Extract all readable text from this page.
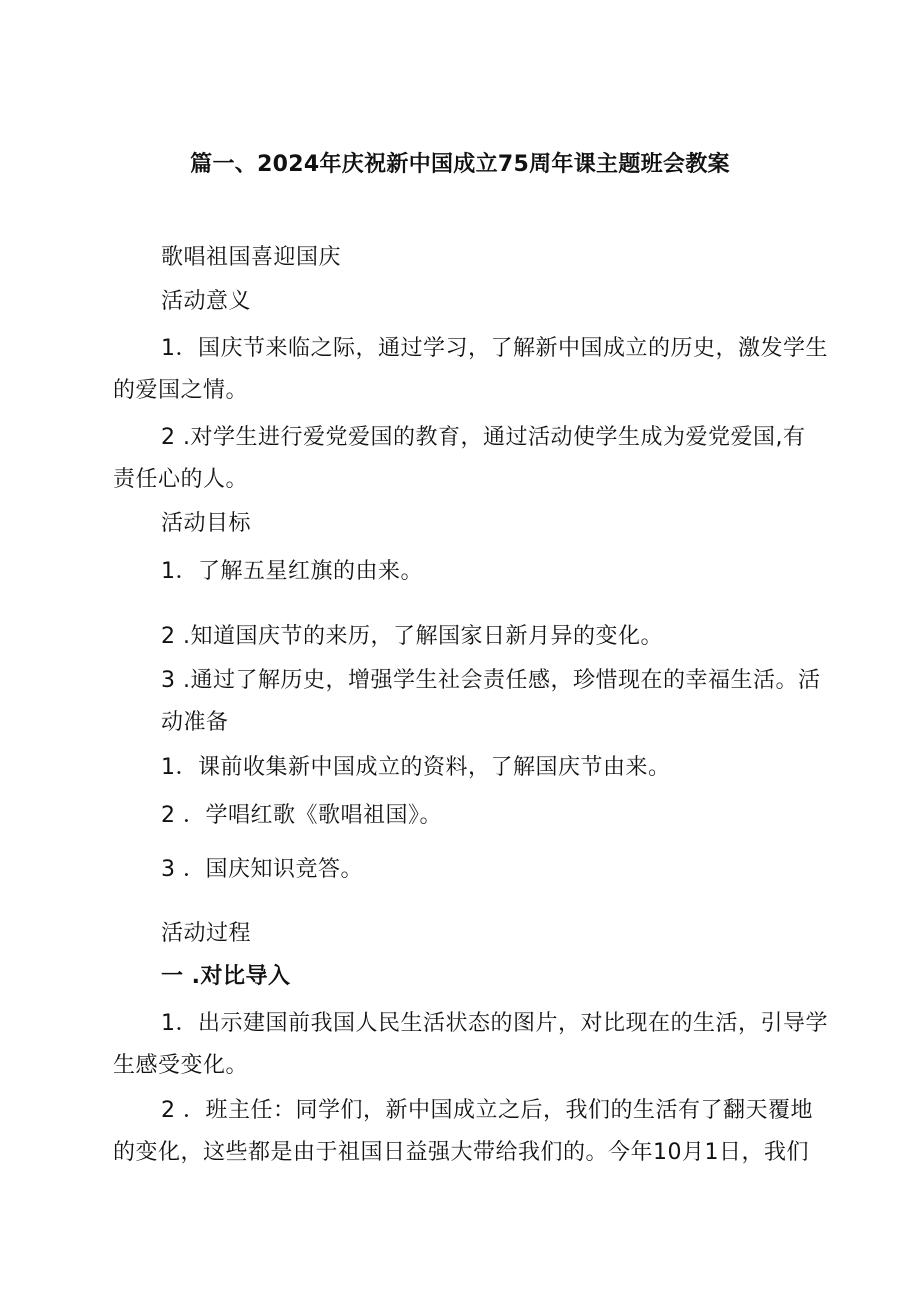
篇一、2024年庆祝新中国成立75周年课主题班会教案
歌唱祖国喜迎国庆
活动意义
1．国庆节来临之际，通过学习，了解新中国成立的历史，激发学生
的爱国之情。
2 .对学生进行爱党爱国的教育，通过活动使学生成为爱党爱国,有
责任心的人。
活动目标
1．了解五星红旗的由来。
2 .知道国庆节的来历，了解国家日新月异的变化。
3 .通过了解历史，增强学生社会责任感，珍惜现在的幸福生活。活
动准备
1．课前收集新中国成立的资料，了解国庆节由来。
2 ．学唱红歌《歌唱祖国》。
3 ．国庆知识竞答。
活动过程
一 .对比导入
1．出示建国前我国人民生活状态的图片，对比现在的生活，引导学
生感受变化。
2 ．班主任：同学们，新中国成立之后，我们的生活有了翻天覆地
的变化，这些都是由于祖国日益强大带给我们的。今年10月1日，我们
